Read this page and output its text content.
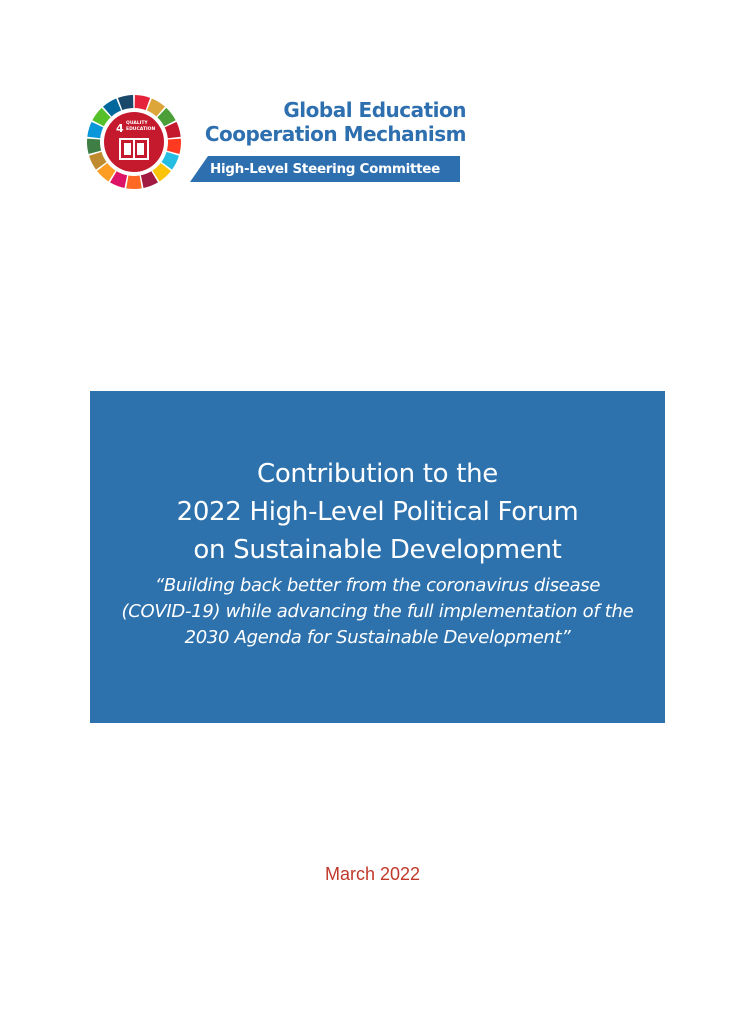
4 QUALITY
EDUCATION
Global Education
Cooperation Mechanism
High-Level Steering Committee
Contribution to the
2022 High-Level Political Forum
on Sustainable Development
“Building back better from the coronavirus disease
(COVID-19) while advancing the full implementation of the
2030 Agenda for Sustainable Development”
March 2022
